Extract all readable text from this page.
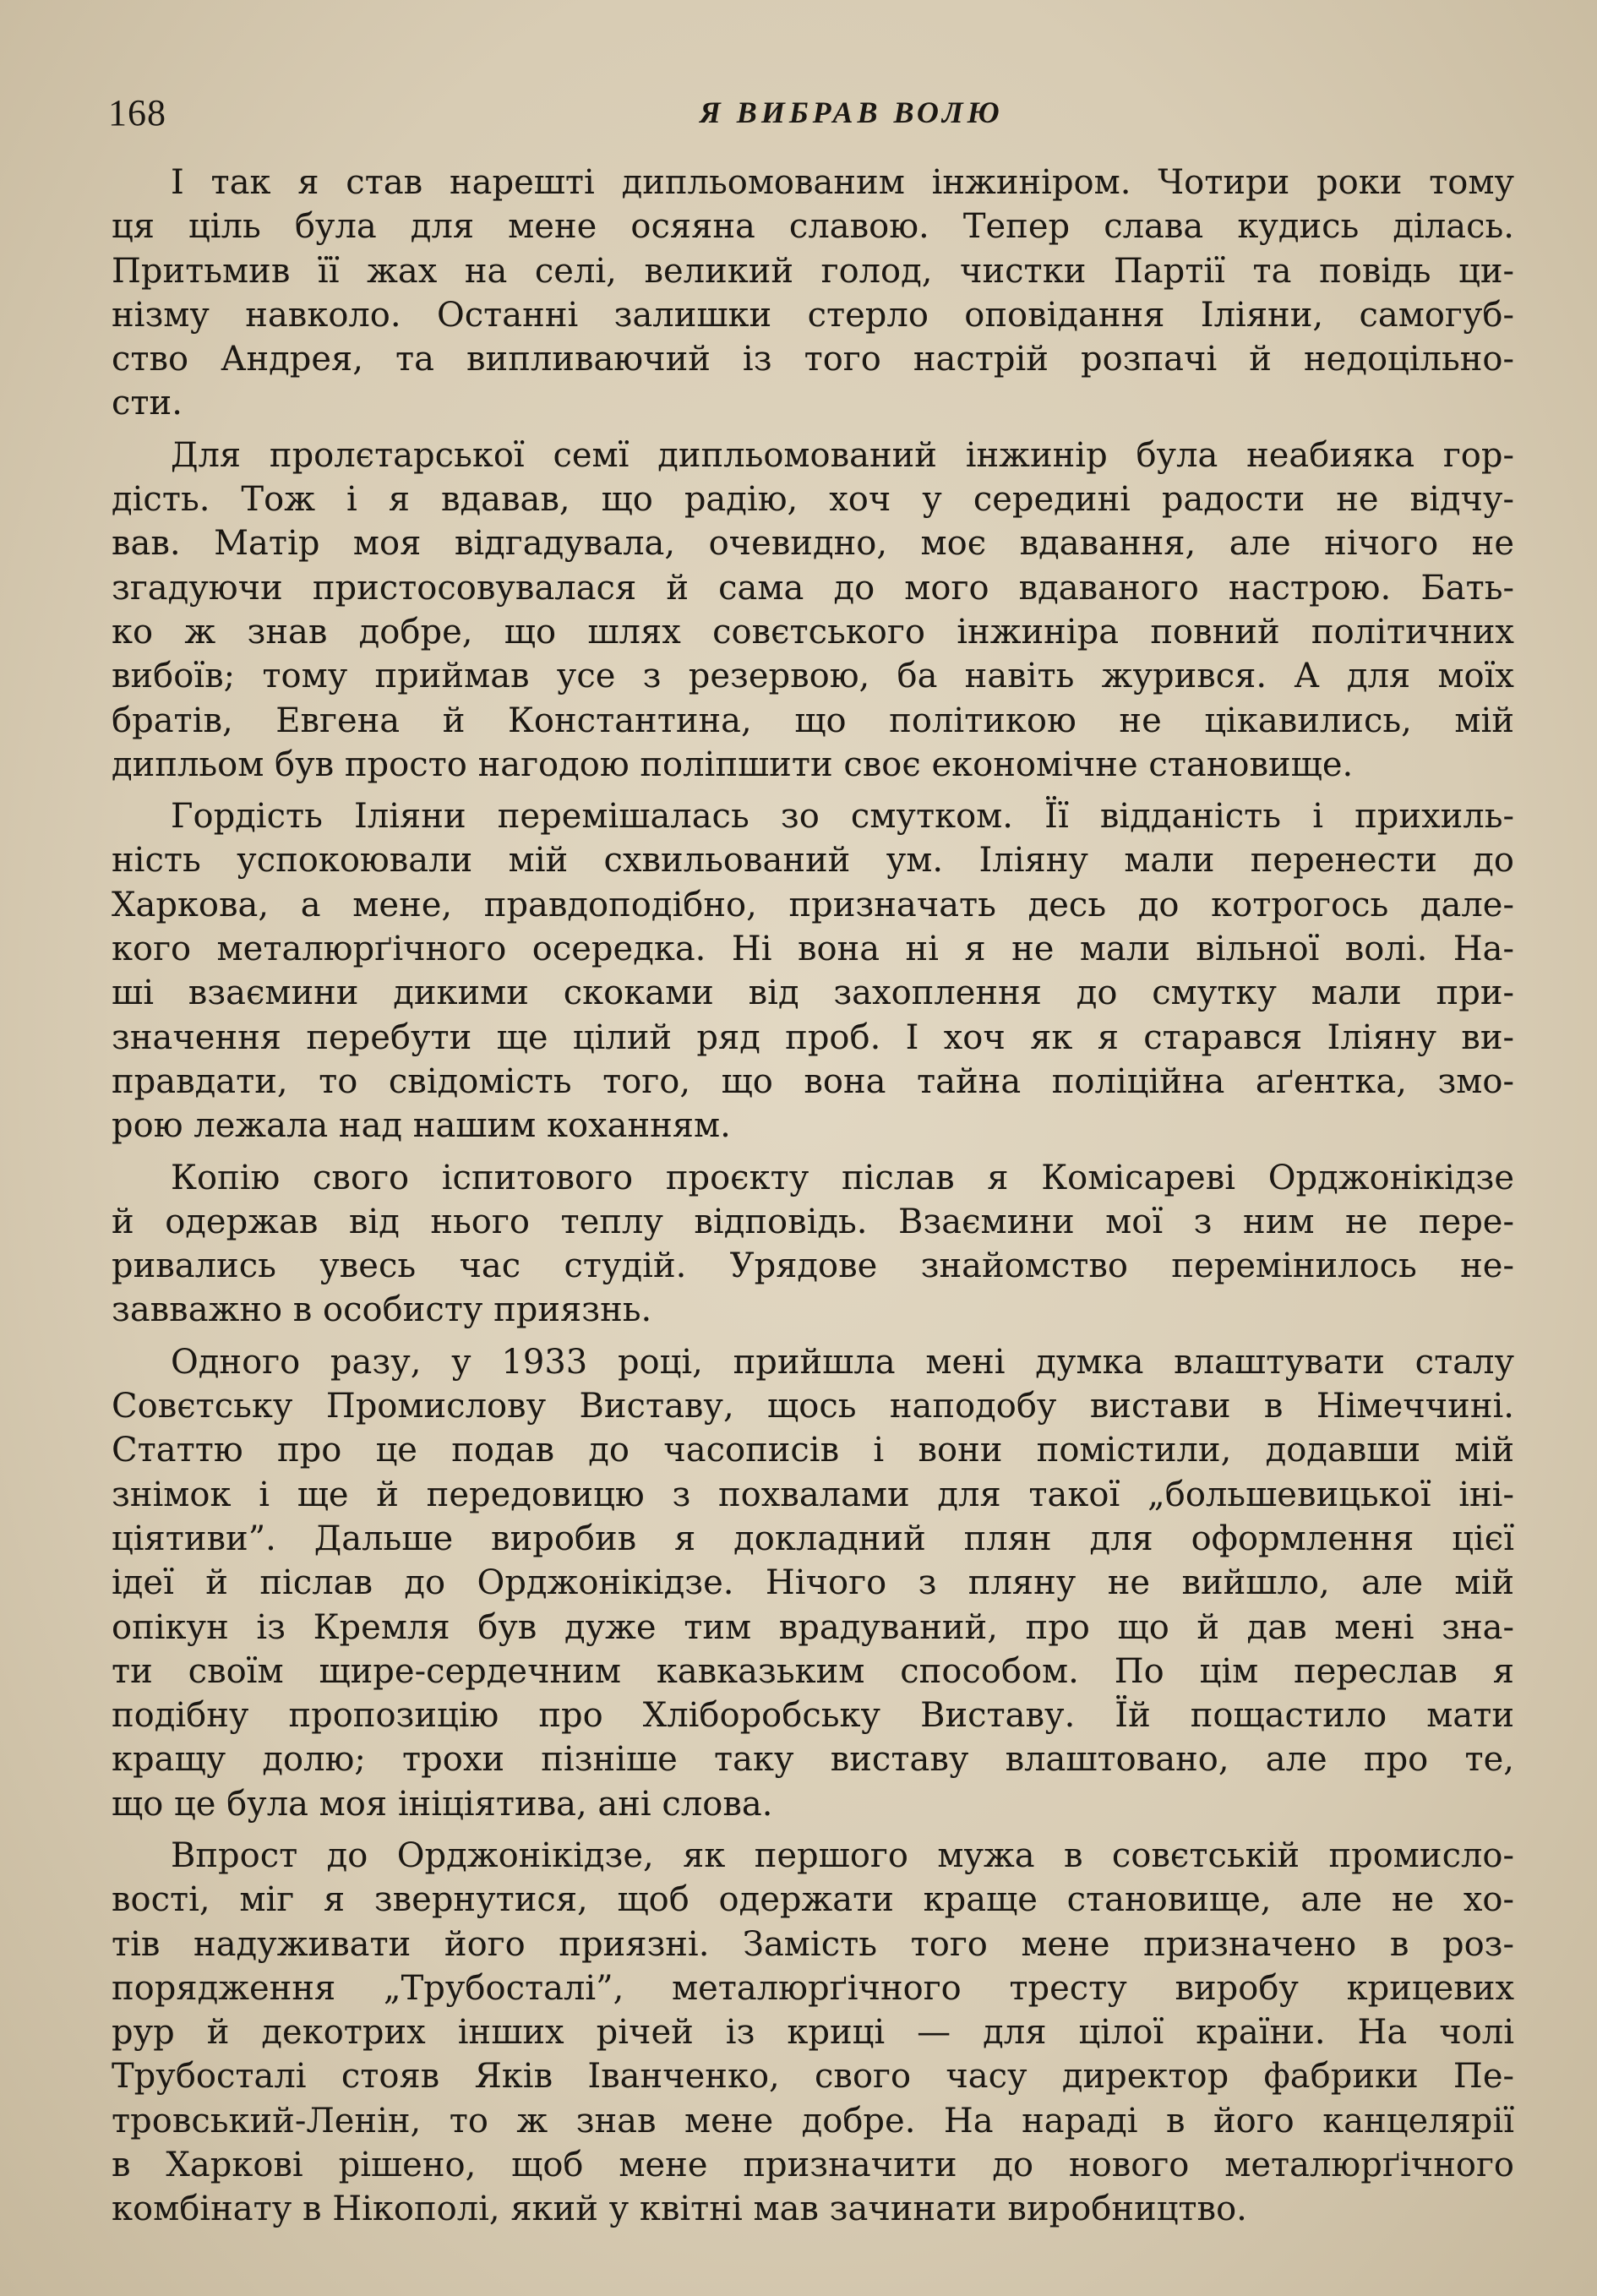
168	Я ВИБРАВ ВОЛЮ
І так я став нарешті дипльомованим інжиніром. Чотири роки тому
ця ціль була для мене осяяна славою. Тепер слава кудись ділась.
Притьмив її жах на селі, великий голод, чистки Партії та повідь ци-
нізму навколо. Останні залишки стерло оповідання Іліяни, самогуб-
ство Андрея, та випливаючий із того настрій розпачі й недоцільно-
сти.
Для пролєтарської семї дипльомований інжинір була неабияка гор-
дість. Тож і я вдавав, що радію, хоч у середині радости не відчу-
вав. Матір моя відгадувала, очевидно, моє вдавання, але нічого не
згадуючи пристосовувалася й сама до мого вдаваного настрою. Бать-
ко ж знав добре, що шлях совєтського інжиніра повний політичних
вибоїв; тому приймав усе з резервою, ба навіть журився. А для моїх
братів, Евгена й Константина, що політикою не цікавились, мій
дипльом був просто нагодою поліпшити своє економічне становище.
Гордість Іліяни перемішалась зо смутком. Її відданість і прихиль-
ність успокоювали мій схвильований ум. Іліяну мали перенести до
Харкова, а мене, правдоподібно, призначать десь до котрогось дале-
кого металюрґічного осередка. Ні вона ні я не мали вільної волі. На-
ші взаємини дикими скоками від захоплення до смутку мали при-
значення перебути ще цілий ряд проб. І хоч як я старався Іліяну ви-
правдати, то свідомість того, що вона тайна поліційна аґентка, змо-
рою лежала над нашим коханням.
Копію свого іспитового проєкту післав я Комісареві Орджонікідзе
й одержав від нього теплу відповідь. Взаємини мої з ним не пере-
ривались увесь час студій. Урядове знайомство перемінилось не-
завважно в особисту приязнь.
Одного разу, у 1933 році, прийшла мені думка влаштувати сталу
Совєтську Промислову Виставу, щось наподобу вистави в Німеччині.
Статтю про це подав до часописів і вони помістили, додавши мій
знімок і ще й передовицю з похвалами для такої „большевицької іні-
ціятиви”. Дальше виробив я докладний плян для оформлення цієї
ідеї й післав до Орджонікідзе. Нічого з пляну не вийшло, але мій
опікун із Кремля був дуже тим врадуваний, про що й дав мені зна-
ти своїм щире-сердечним кавказьким способом. По цім переслав я
подібну пропозицію про Хліборобську Виставу. Їй пощастило мати
кращу долю; трохи пізніше таку виставу влаштовано, але про те,
що це була моя ініціятива, ані слова.
Впрост до Орджонікідзе, як першого мужа в совєтській промисло-
вості, міг я звернутися, щоб одержати краще становище, але не хо-
тів надуживати його приязні. Замість того мене призначено в роз-
порядження „Трубосталі”, металюрґічного тресту виробу крицевих
рур й декотрих інших річей із криці — для цілої країни. На чолі
Трубосталі стояв Яків Іванченко, свого часу директор фабрики Пе-
тровський-Ленін, то ж знав мене добре. На нараді в його канцелярії
в Харкові рішено, щоб мене призначити до нового металюрґічного
комбінату в Нікополі, який у квітні мав зачинати виробництво.
